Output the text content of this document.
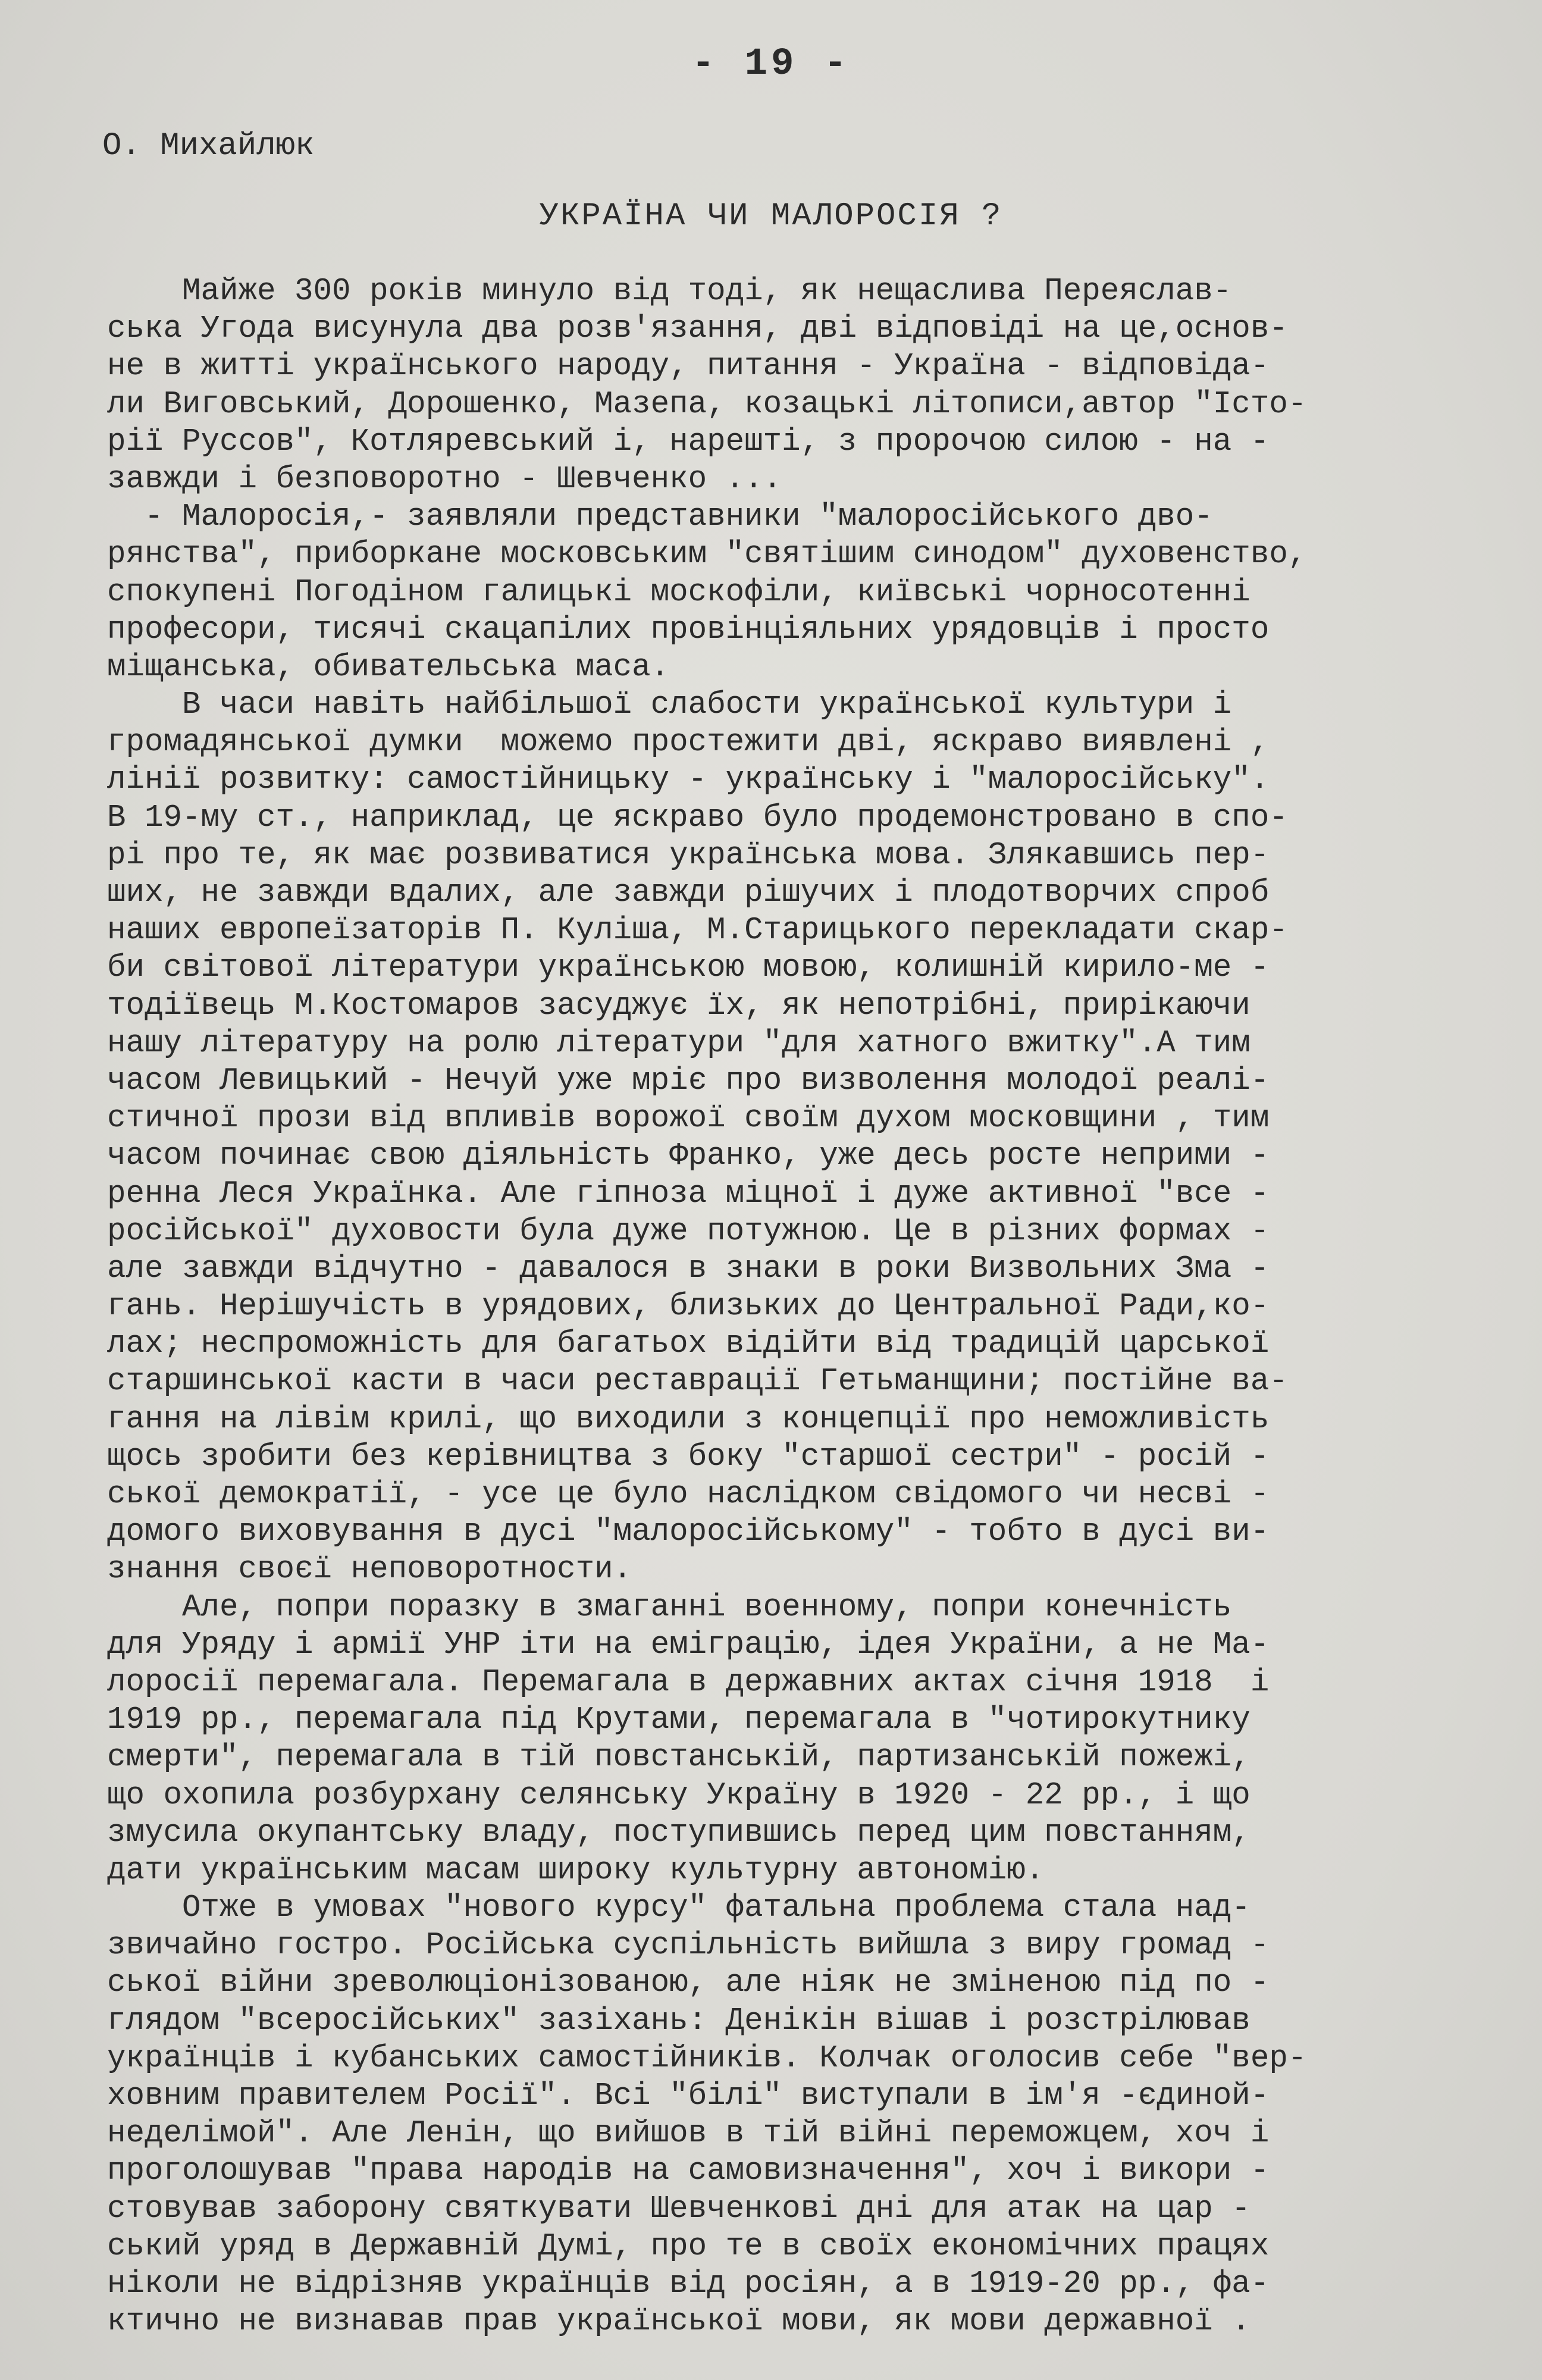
- 19 -
О. Михайлюк
УКРАЇНА ЧИ МАЛОРОСІЯ ?
Майже 300 років минуло від тоді, як нещаслива Переяслав-
ська Угода висунула два розв'язання, дві відповіді на це,основ-
не в житті українського народу, питання - Україна - відповіда-
ли Виговський, Дорошенко, Мазепа, козацькі літописи,автор "Істо-
рії Руссов", Котляревський і, нарешті, з пророчою силою - на -
завжди і безповоротно - Шевченко ...
- Малоросія,- заявляли представники "малоросійського дво-
рянства", приборкане московським "святішим синодом" духовенство,
спокупені Погодіном галицькі москофіли, київські чорносотенні
професори, тисячі скацапілих провінціяльних урядовців і просто
міщанська, обивательська маса.
В часи навіть найбільшої слабости української культури і
громадянської думки  можемо простежити дві, яскраво виявлені ,
лінії розвитку: самостійницьку - українську і "малоросійську".
В 19-му ст., наприклад, це яскраво було продемонстровано в спо-
рі про те, як має розвиватися українська мова. Злякавшись пер-
ших, не завжди вдалих, але завжди рішучих і плодотворчих спроб
наших европеїзаторів П. Куліша, М.Старицького перекладати скар-
би світової літератури українською мовою, колишній кирило-ме -
тодіївець М.Костомаров засуджує їх, як непотрібні, прирікаючи
нашу літературу на ролю літератури "для хатного вжитку".А тим
часом Левицький - Нечуй уже мріє про визволення молодої реалі-
стичної прози від впливів ворожої своїм духом московщини , тим
часом починає свою діяльність Франко, уже десь росте неприми -
ренна Леся Українка. Але гіпноза міцної і дуже активної "все -
російської" духовости була дуже потужною. Це в різних формах -
але завжди відчутно - давалося в знаки в роки Визвольних Зма -
гань. Нерішучість в урядових, близьких до Центральної Ради,ко-
лах; неспроможність для багатьох відійти від традицій царської
старшинської касти в часи реставрації Гетьманщини; постійне ва-
гання на лівім крилі, що виходили з концепції про неможливість
щось зробити без керівництва з боку "старшої сестри" - росій -
ської демократії, - усе це було наслідком свідомого чи несві -
домого виховування в дусі "малоросійському" - тобто в дусі ви-
знання своєї неповоротности.
Але, попри поразку в змаганні военному, попри конечність
для Уряду і армії УНР іти на еміграцію, ідея України, а не Ма-
лоросії перемагала. Перемагала в державних актах січня 1918  і
1919 рр., перемагала під Крутами, перемагала в "чотирокутнику
смерти", перемагала в тій повстанській, партизанській пожежі,
що охопила розбурхану селянську Україну в 1920 - 22 рр., і що
змусила окупантську владу, поступившись перед цим повстанням,
дати українським масам широку культурну автономію.
Отже в умовах "нового курсу" фатальна проблема стала над-
звичайно гостро. Російська суспільність вийшла з виру громад -
ської війни зреволюціонізованою, але ніяк не зміненою під по -
глядом "всеросійських" зазіхань: Денікін вішав і розстрілював
українців і кубанських самостійників. Колчак оголосив себе "вер-
ховним правителем Росії". Всі "білі" виступали в ім'я -єдиной-
неделімой". Але Ленін, що вийшов в тій війні переможцем, хоч і
проголошував "права народів на самовизначення", хоч і викори -
стовував заборону святкувати Шевченкові дні для атак на цар -
ський уряд в Державній Думі, про те в своїх економічних працях
ніколи не відрізняв українців від росіян, а в 1919-20 рр., фа-
ктично не визнавав прав української мови, як мови державної .
